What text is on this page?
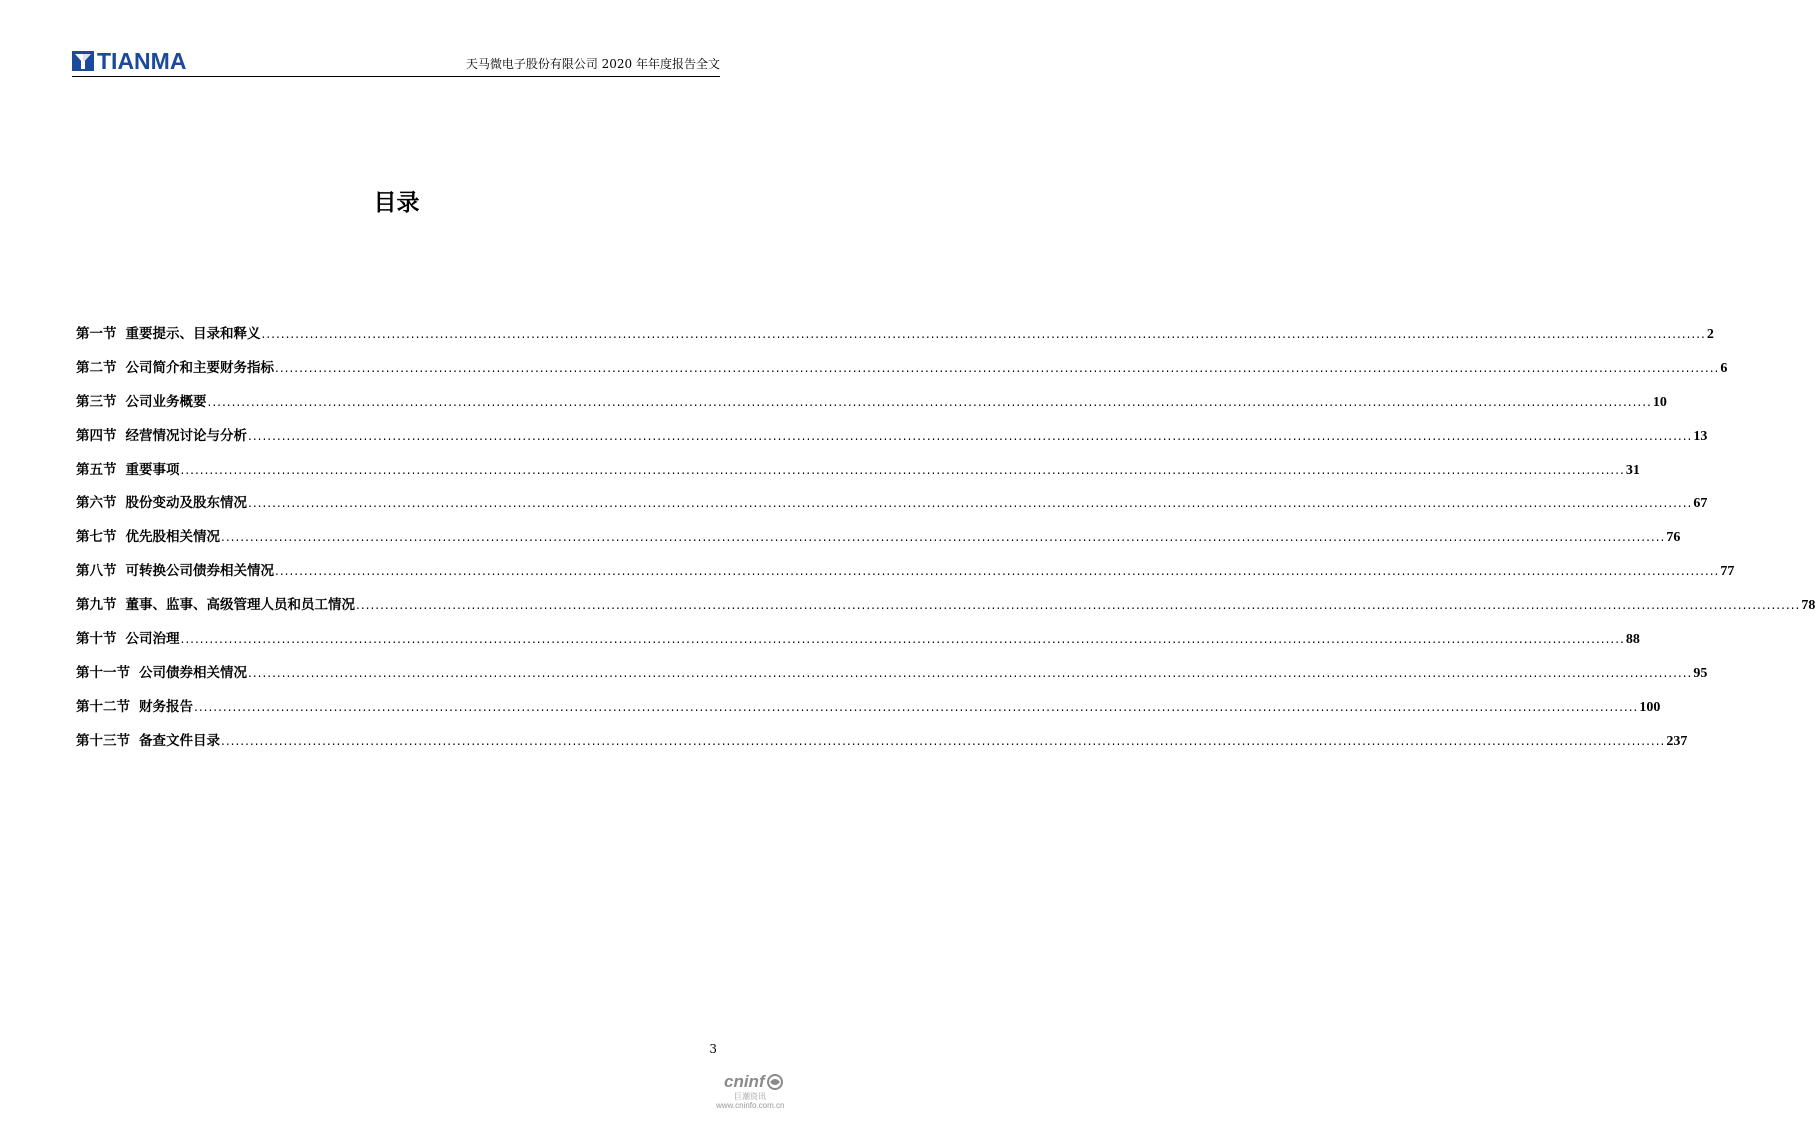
TIANMA	天马微电子股份有限公司 2020 年年度报告全文
目录
第一节 重要提示、目录和释义 ............................................................................................................................................................................................................................................................................................................ 2
第二节 公司简介和主要财务指标 ............................................................................................................................................................................................................................................................................................................ 6
第三节 公司业务概要 ............................................................................................................................................................................................................................................................................................................ 10
第四节 经营情况讨论与分析 ............................................................................................................................................................................................................................................................................................................ 13
第五节 重要事项 ............................................................................................................................................................................................................................................................................................................ 31
第六节 股份变动及股东情况 ............................................................................................................................................................................................................................................................................................................ 67
第七节 优先股相关情况 ............................................................................................................................................................................................................................................................................................................ 76
第八节 可转换公司债券相关情况 ............................................................................................................................................................................................................................................................................................................ 77
第九节 董事、监事、高级管理人员和员工情况 ............................................................................................................................................................................................................................................................................................................ 78
第十节 公司治理 ............................................................................................................................................................................................................................................................................................................ 88
第十一节 公司债券相关情况 ............................................................................................................................................................................................................................................................................................................ 95
第十二节 财务报告 ............................................................................................................................................................................................................................................................................................................ 100
第十三节 备查文件目录 ............................................................................................................................................................................................................................................................................................................ 237
3
cninf
巨潮资讯
www.cninfo.com.cn
